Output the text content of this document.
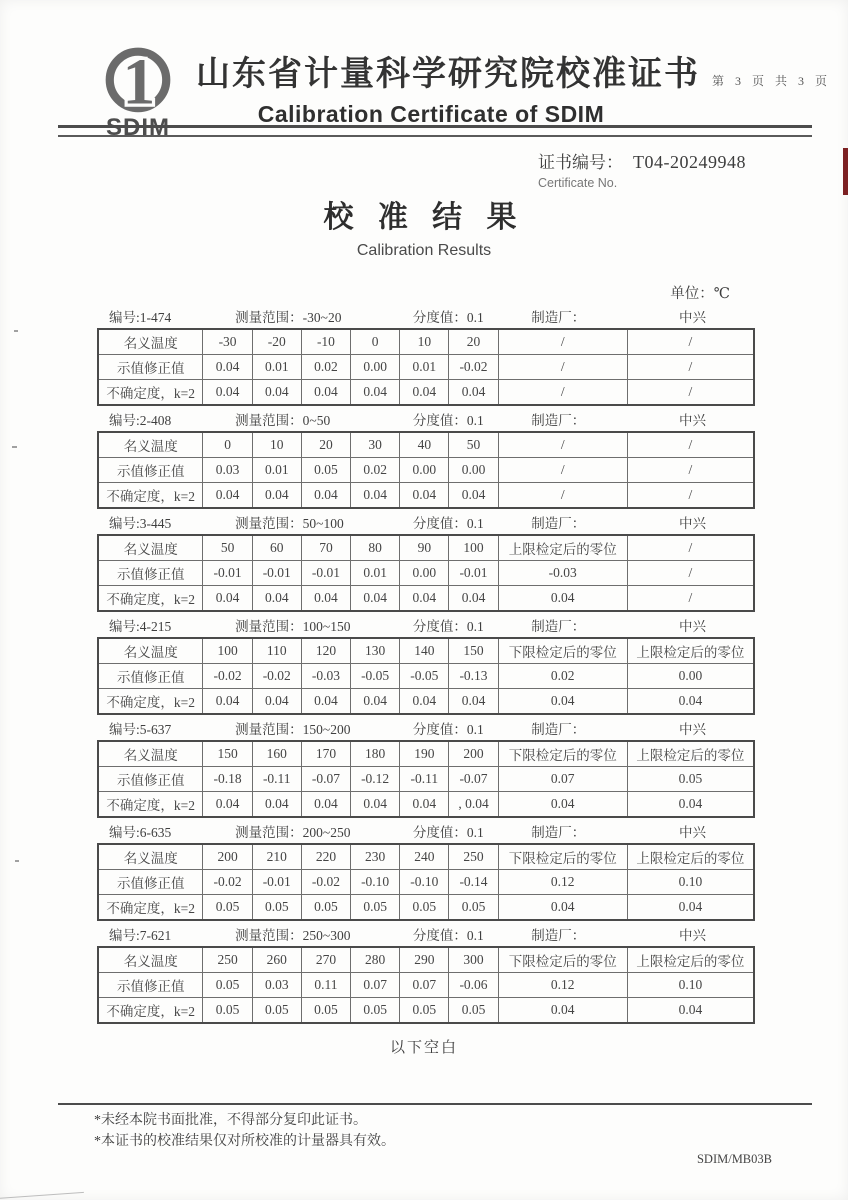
1
SDIM
山东省计量科学研究院校准证书 第 3 页 共 3 页
Calibration Certificate of SDIM
证书编号： T04-20249948
Certificate No.
校 准 结 果
Calibration Results
单位：℃
编号:1-474	测量范围：-30~20	分度值：0.1	制造厂：	中兴
名义温度	-30	-20	-10	0	10	20	/	/
示值修正值	0.04	0.01	0.02	0.00	0.01	-0.02	/	/
不确定度，k=2	0.04	0.04	0.04	0.04	0.04	0.04	/	/
编号:2-408	测量范围：0~50	分度值：0.1	制造厂：	中兴
名义温度	0	10	20	30	40	50	/	/
示值修正值	0.03	0.01	0.05	0.02	0.00	0.00	/	/
不确定度，k=2	0.04	0.04	0.04	0.04	0.04	0.04	/	/
编号:3-445	测量范围：50~100	分度值：0.1	制造厂：	中兴
名义温度	50	60	70	80	90	100	上限检定后的零位	/
示值修正值	-0.01	-0.01	-0.01	0.01	0.00	-0.01	-0.03	/
不确定度，k=2	0.04	0.04	0.04	0.04	0.04	0.04	0.04	/
编号:4-215	测量范围：100~150	分度值：0.1	制造厂：	中兴
名义温度	100	110	120	130	140	150	下限检定后的零位	上限检定后的零位
示值修正值	-0.02	-0.02	-0.03	-0.05	-0.05	-0.13	0.02	0.00
不确定度，k=2	0.04	0.04	0.04	0.04	0.04	0.04	0.04	0.04
编号:5-637	测量范围：150~200	分度值：0.1	制造厂：	中兴
名义温度	150	160	170	180	190	200	下限检定后的零位	上限检定后的零位
示值修正值	-0.18	-0.11	-0.07	-0.12	-0.11	-0.07	0.07	0.05
不确定度，k=2	0.04	0.04	0.04	0.04	0.04	, 0.04	0.04	0.04
编号:6-635	测量范围：200~250	分度值：0.1	制造厂：	中兴
名义温度	200	210	220	230	240	250	下限检定后的零位	上限检定后的零位
示值修正值	-0.02	-0.01	-0.02	-0.10	-0.10	-0.14	0.12	0.10
不确定度，k=2	0.05	0.05	0.05	0.05	0.05	0.05	0.04	0.04
编号:7-621	测量范围：250~300	分度值：0.1	制造厂：	中兴
名义温度	250	260	270	280	290	300	下限检定后的零位	上限检定后的零位
示值修正值	0.05	0.03	0.11	0.07	0.07	-0.06	0.12	0.10
不确定度，k=2	0.05	0.05	0.05	0.05	0.05	0.05	0.04	0.04
以下空白
*未经本院书面批准，不得部分复印此证书。
*本证书的校准结果仅对所校准的计量器具有效。
SDIM/MB03B
